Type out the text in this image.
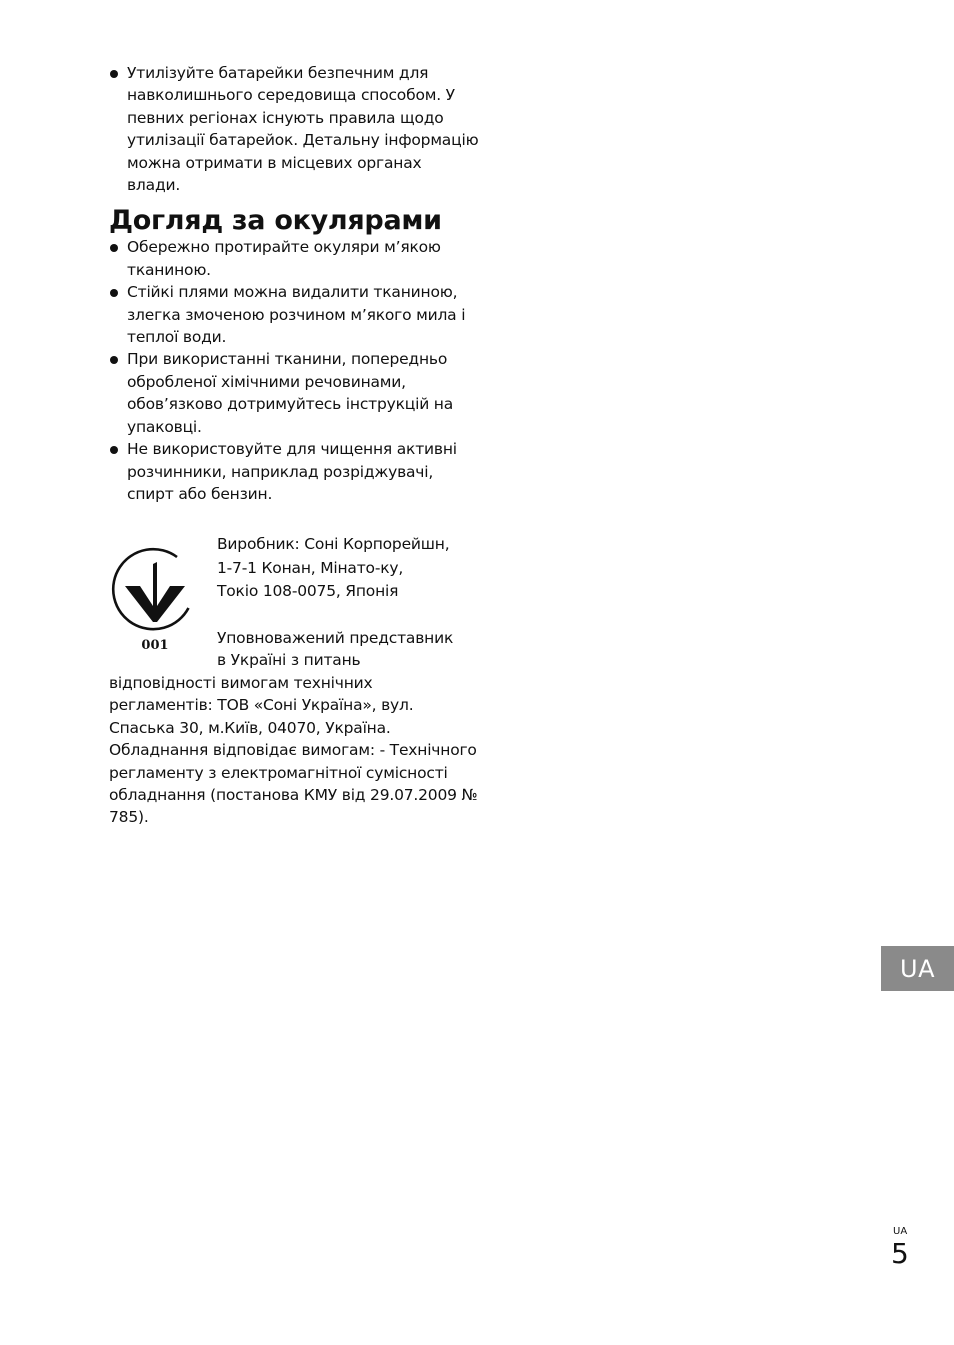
Утилізуйте батарейки безпечним для навколишнього середовища способом. У певних регіонах існують правила щодо утилізації батарейок. Детальну інформацію можна отримати в місцевих органах влади.
Догляд за окулярами
Обережно протирайте окуляри м’якою тканиною.
Стійкі плями можна видалити тканиною, злегка змоченою розчином м’якого мила і теплої води.
При використанні тканини, попередньо обробленої хімічними речовинами, обов’язково дотримуйтесь інструкцій на упаковці.
Не використовуйте для чищення активні розчинники, наприклад розріджувачі, спирт або бензин.
001

Виробник: Соні Корпорейшн,

1-7-1 Конан, Мінато-ку,

Токіо 108-0075, Японія

Уповноважений представник

в Україні з питань

відповідності вимогам технічних регламентів: ТОВ «Соні Україна», вул. Спаська 30, м.Київ, 04070, Україна. Обладнання відповідає вимогам: - Технічного регламенту з електромагнітної сумісності обладнання (постанова КМУ від 29.07.2009 № 785).

UA
UA
5
